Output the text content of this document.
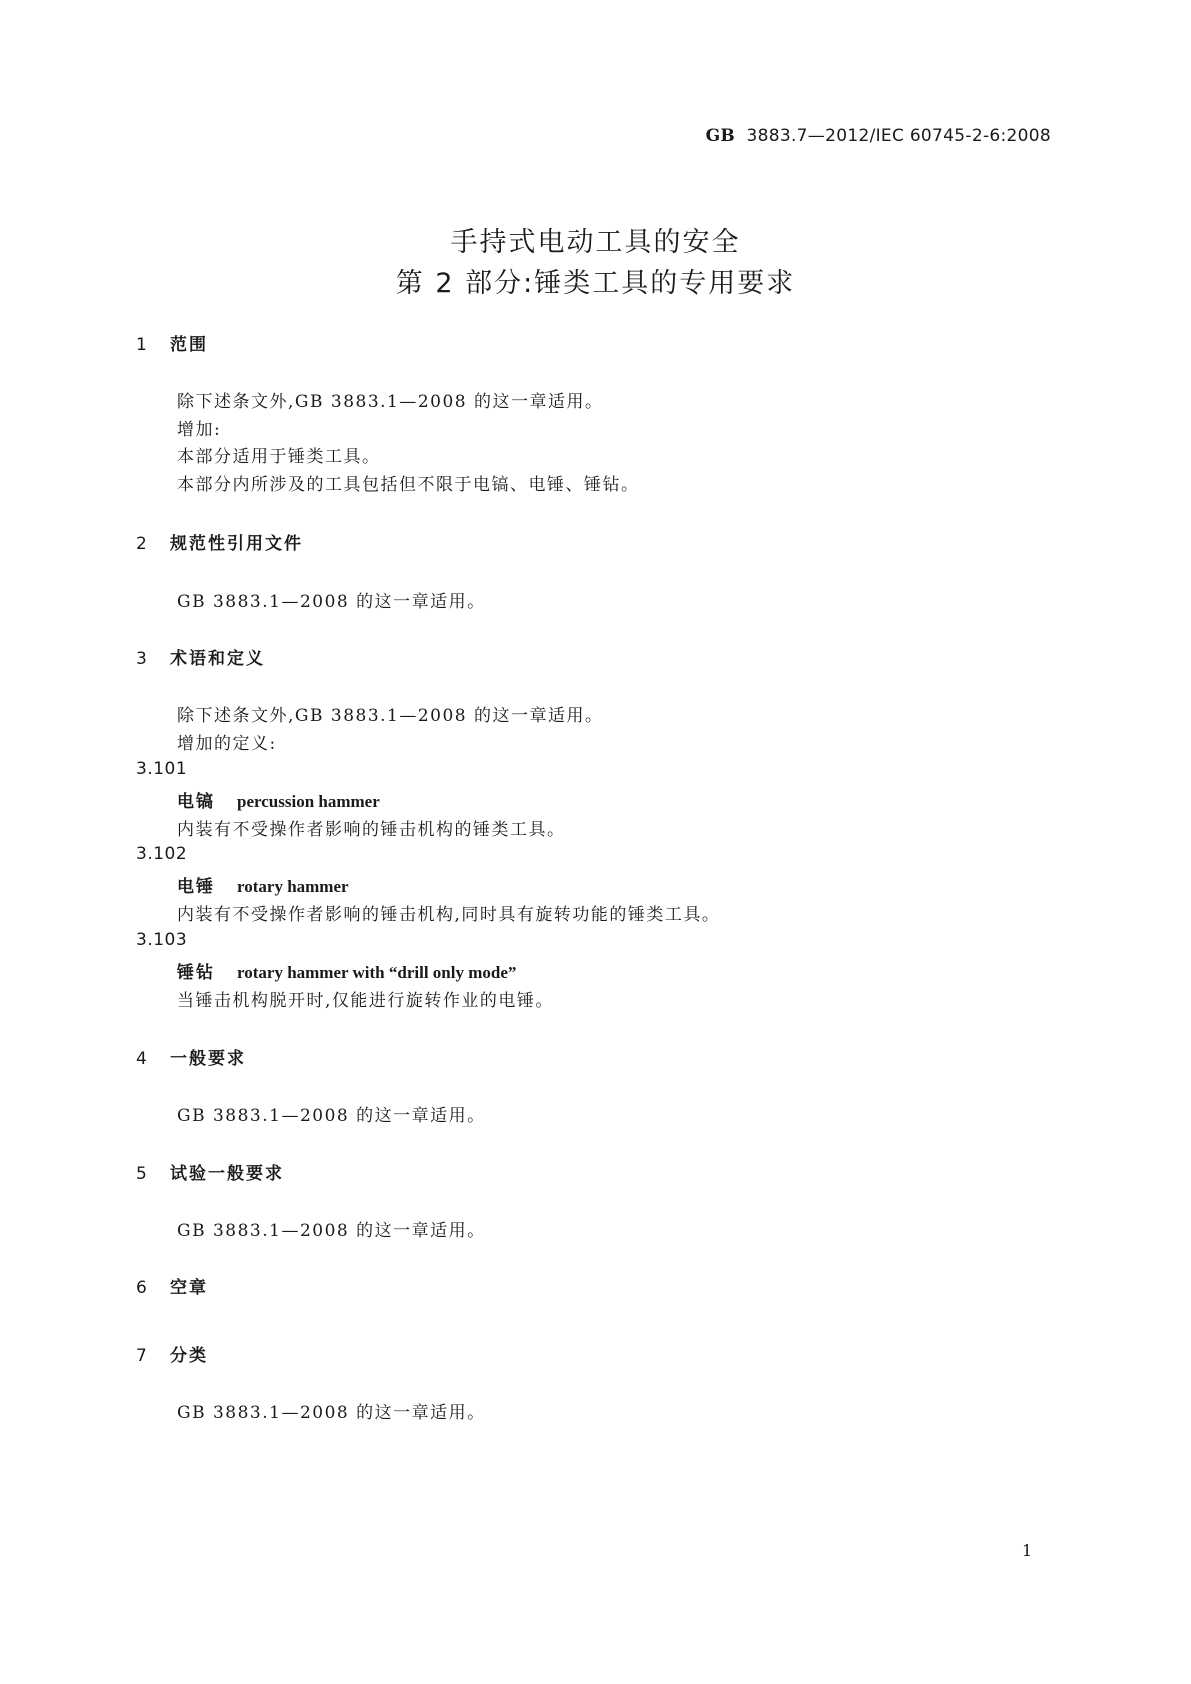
GB 3883.7—2012/IEC 60745-2-6:2008
手持式电动工具的安全
第 2 部分:锤类工具的专用要求
1 范围
除下述条文外,GB 3883.1—2008 的这一章适用。
增加:
本部分适用于锤类工具。
本部分内所涉及的工具包括但不限于电镐、电锤、锤钻。
2 规范性引用文件
GB 3883.1—2008 的这一章适用。
3 术语和定义
除下述条文外,GB 3883.1—2008 的这一章适用。
增加的定义:
3.101
电镐 percussion hammer
内装有不受操作者影响的锤击机构的锤类工具。
3.102
电锤 rotary hammer
内装有不受操作者影响的锤击机构,同时具有旋转功能的锤类工具。
3.103
锤钻 rotary hammer with “drill only mode”
当锤击机构脱开时,仅能进行旋转作业的电锤。
4 一般要求
GB 3883.1—2008 的这一章适用。
5 试验一般要求
GB 3883.1—2008 的这一章适用。
6 空章
7 分类
GB 3883.1—2008 的这一章适用。
1
